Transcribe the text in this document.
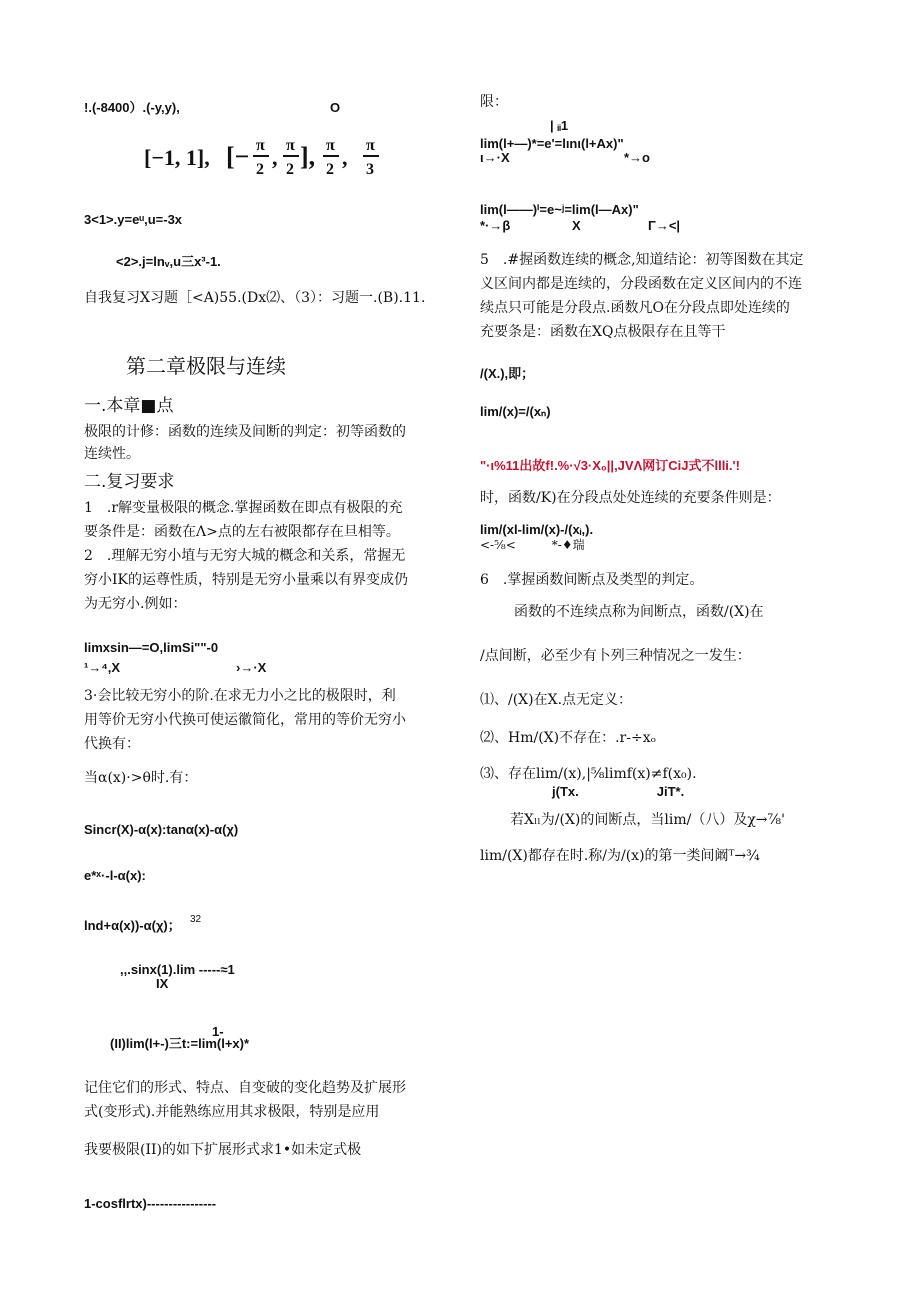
!.(-8400）.(-y,y),	O
[−1, 1], [− π
2 , π
2 ], π
2 , π
3
3<1>.y=eᵘ,u=-3x
<2>.j=lnᵥ,u三x³-1.
自我复习X习题［<A)55.(Dx⑵、（3）：习题一.(B).11.
第二章极限与连续
一.本章■点
极限的计修：函数的连续及间断的判定：初等函数的
连续性。
二.复习要求
1　.r解变量极限的概念.掌握函数在即点有极限的充
要条件是：函数在Λ>点的左右被限都存在旦相等。
2　.理解无穷小埴与无穷大城的概念和关系，常握无
穷小IK的运尊性质，特别是无穷小量乘以有界变成仍
为无穷小.例如：
limxsin—=O,limSi""-0
¹→⁴,X	›→·X
3·会比较无穷小的阶.在求无力小之比的极限时，利
用等价无穷小代换可使运徽简化，常用的等价无穷小
代换有：
当α(x)·>θ时.有：
Sincr(X)-α(x):tanα(x)-α(χ)
e*ˣ·-l-α(x):
lnd+α(x))-α(χ)； 32
,,.sinx(1).lim -----≈1
IX
1-
(II)lim(l+-)三t:=lim(l+x)*
记住它们的形式、特点、自变破的变化趋势及扩展形
式(变形式).并能熟练应用其求极限，特别是应用
我要极限(II)的如下扩展形式求1•如未定式极
1-cosflrtx)----------------
限：
| ᵢᵢ1
lim(l+—)*=e'=lınι(l+Ax)"
ι→·X	*→o
lim(l——)ⁱ=e~ʲ=lim(l—Ax)"
*·→β	X	Γ→<|
5　.#握函数连续的概念,知道结论：初等图数在其定
义区间内都是连续的，分段函数在定义区间内的不连
续点只可能是分段点.函数凡O在分段点即处连续的
充要条是：函数在XQ点极限存在且等干
/(X.),即；
lim/(x)=/(xₙ)
"·ι%11出故f!.%·√3·X₀||,JVΛ网订CiJ式不llli.'!
时，函数/K)在分段点处处连续的充要条件则是：
lim/(xl-lim/(x)-/(xᵢ,).
<-⅝<　　　*-♦瑞
6　.掌握函数间断点及类型的判定。
函数的不连续点称为间断点，函数/(X)在
/点间断，必至少有卜列三种情况之一发生：
⑴、/(X)在X.点无定义：
⑵、Hm/(X)不存在：.r-÷xₒ
⑶、存在lim/(x),|⅝limf(x)≠f(x₀).
j(Tx.　　　　　　JiT*.
若Xₗₗ为/(X)的间断点，当lim/（八）及χ→⅞'
lim/(X)都存在时.称/为/(x)的第一类间阚ᵀ→¾
